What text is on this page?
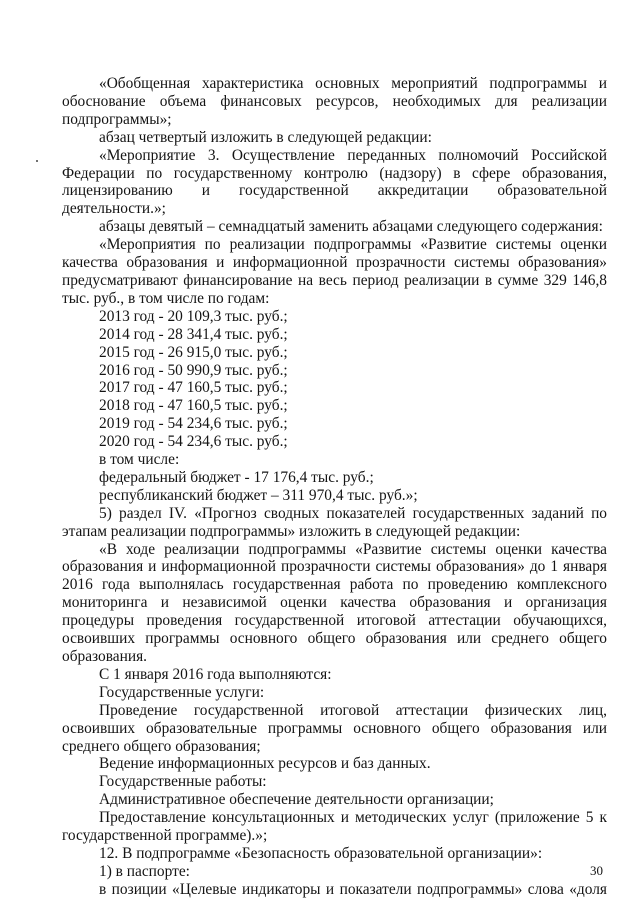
«Обобщенная характеристика основных мероприятий подпрограммы и обоснование объема финансовых ресурсов, необходимых для реализации подпрограммы»;

абзац четвертый изложить в следующей редакции:

«Мероприятие 3. Осуществление переданных полномочий Российской Федерации по государственному контролю (надзору) в сфере образования, лицензированию и государственной аккредитации образовательной деятельности.»;

абзацы девятый – семнадцатый заменить абзацами следующего содержания:

«Мероприятия по реализации подпрограммы «Развитие системы оценки качества образования и информационной прозрачности системы образования» предусматривают финансирование на весь период реализации в сумме 329 146,8 тыс. руб., в том числе по годам:

2013 год - 20 109,3 тыс. руб.;

2014 год - 28 341,4 тыс. руб.;

2015 год - 26 915,0 тыс. руб.;

2016 год - 50 990,9 тыс. руб.;

2017 год - 47 160,5 тыс. руб.;

2018 год - 47 160,5 тыс. руб.;

2019 год - 54 234,6 тыс. руб.;

2020 год - 54 234,6 тыс. руб.;

в том числе:

федеральный бюджет - 17 176,4 тыс. руб.;

республиканский бюджет – 311 970,4 тыс. руб.»;

5) раздел IV. «Прогноз сводных показателей государственных заданий по этапам реализации подпрограммы» изложить в следующей редакции:

«В ходе реализации подпрограммы «Развитие системы оценки качества образования и информационной прозрачности системы образования» до 1 января 2016 года выполнялась государственная работа по проведению комплексного мониторинга и независимой оценки качества образования и организация процедуры проведения государственной итоговой аттестации обучающихся, освоивших программы основного общего образования или среднего общего образования.

С 1 января 2016 года выполняются:

Государственные услуги:

Проведение государственной итоговой аттестации физических лиц, освоивших образовательные программы основного общего образования или среднего общего образования;

Ведение информационных ресурсов и баз данных.

Государственные работы:

Административное обеспечение деятельности организации;

Предоставление консультационных и методических услуг (приложение 5 к государственной программе).»;

12. В подпрограмме «Безопасность образовательной организации»:

1) в паспорте:

в позиции «Целевые индикаторы и показатели подпрограммы» слова «доля

30
